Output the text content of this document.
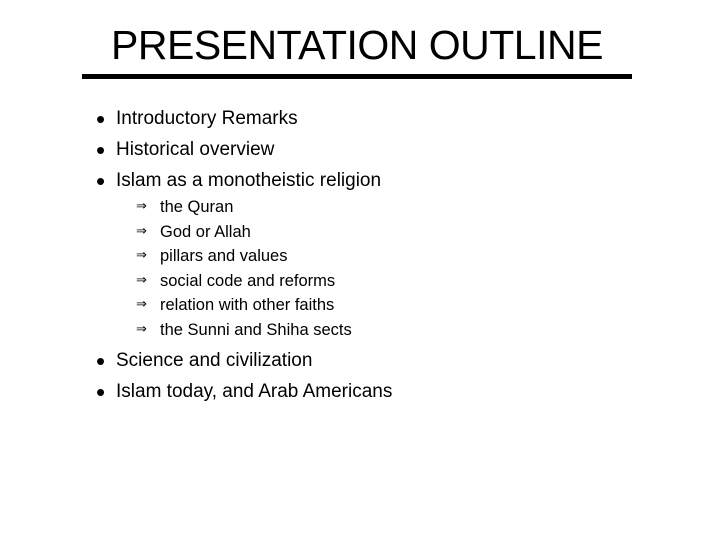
PRESENTATION OUTLINE
• Introductory Remarks
• Historical overview
• Islam as a monotheistic religion
⇒ the Quran
⇒ God or Allah
⇒ pillars and values
⇒ social code and reforms
⇒ relation with other faiths
⇒ the Sunni and Shiha sects
• Science and civilization
• Islam today, and Arab Americans
